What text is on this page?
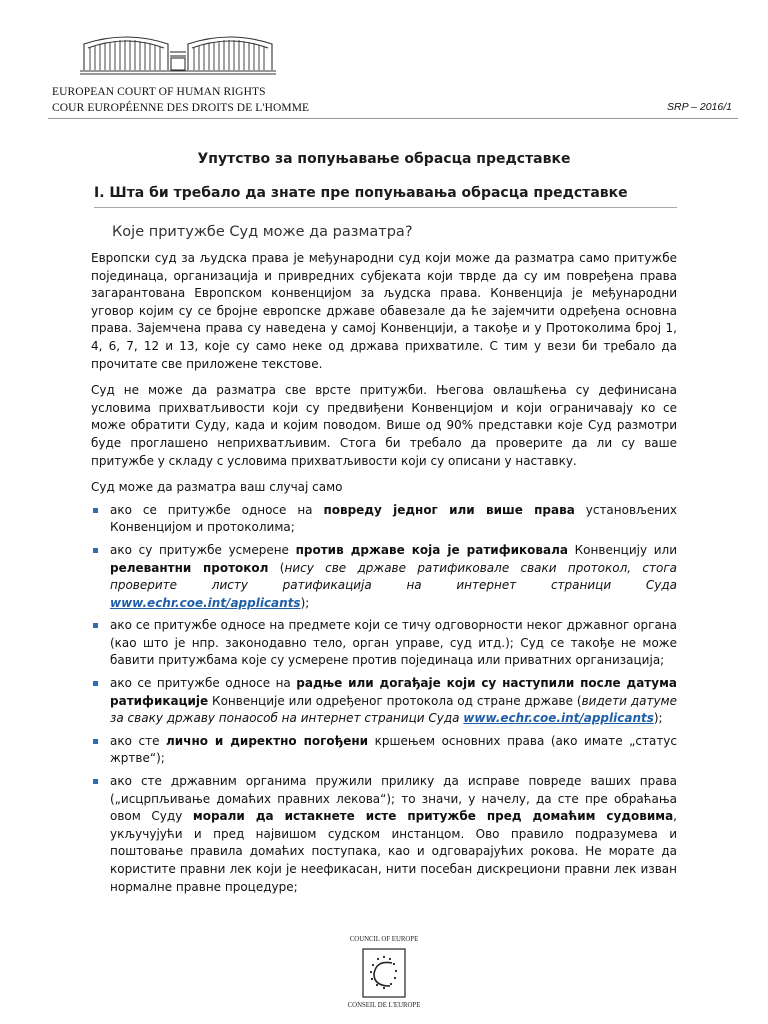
EUROPEAN COURT OF HUMAN RIGHTS
COUR EUROPÉENNE DES DROITS DE L'HOMME	SRP – 2016/1
Упутство за попуњавање обрасца представке
I. Шта би требало да знате пре попуњавања обрасца представке
Које притужбе Суд може да разматра?

Европски суд за људска права је међународни суд који може да разматра само притужбе појединаца, организација и привредних субјеката који тврде да су им повређена права загарантована Европском конвенцијом за људска права. Конвенција је међународни уговор којим су се бројне европске државе обавезале да ће зајемчити одређена основна права. Зајемчена права су наведена у самој Конвенцији, а такође и у Протоколима број 1, 4, 6, 7, 12 и 13, које су само неке од држава прихватиле. С тим у вези би требало да прочитате све приложене текстове.

Суд не може да разматра све врсте притужби. Његова овлашћења су дефинисана условима прихватљивости који су предвиђени Конвенцијом и који ограничавају ко се може обратити Суду, када и којим поводом. Више од 90% представки које Суд размотри буде проглашено неприхватљивим. Стога би требало да проверите да ли су ваше притужбе у складу с условима прихватљивости који су описани у наставку.

Суд може да разматра ваш случај само

ако се притужбе односе на повреду једног или више права установљених Конвенцијом и протоколима;
ако су притужбе усмерене против државе која је ратификовала Конвенцију или релевантни протокол (нису све државе ратификовале сваки протокол, стога проверите листу ратификација на интернет страници Суда www.echr.coe.int/applicants);
ако се притужбе односе на предмете који се тичу одговорности неког државног органа (као што је нпр. законодавно тело, орган управе, суд итд.); Суд се такође не може бавити притужбама које су усмерене против појединаца или приватних организација;
ако се притужбе односе на радње или догађаје који су наступили после датума ратификације Конвенције или одређеног протокола од стране државе (видети датуме за сваку државу понаособ на интернет страници Суда www.echr.coe.int/applicants);
ако сте лично и директно погођени кршењем основних права (ако имате „статус жртве“);
ако сте државним органима пружили прилику да исправе повреде ваших права („исцрпљивање домаћих правних лекова“); то значи, у начелу, да сте пре обраћања овом Суду морали да истакнете исте притужбе пред домаћим судовима, укључујући и пред највишом судском инстанцом. Ово правило подразумева и поштовање правила домаћих поступака, као и одговарајућих рокова. Не морате да користите правни лек који је неефикасан, нити посебан дискрециони правни лек изван нормалне правне процедуре;
COUNCIL OF EUROPE
CONSEIL DE L'EUROPE
